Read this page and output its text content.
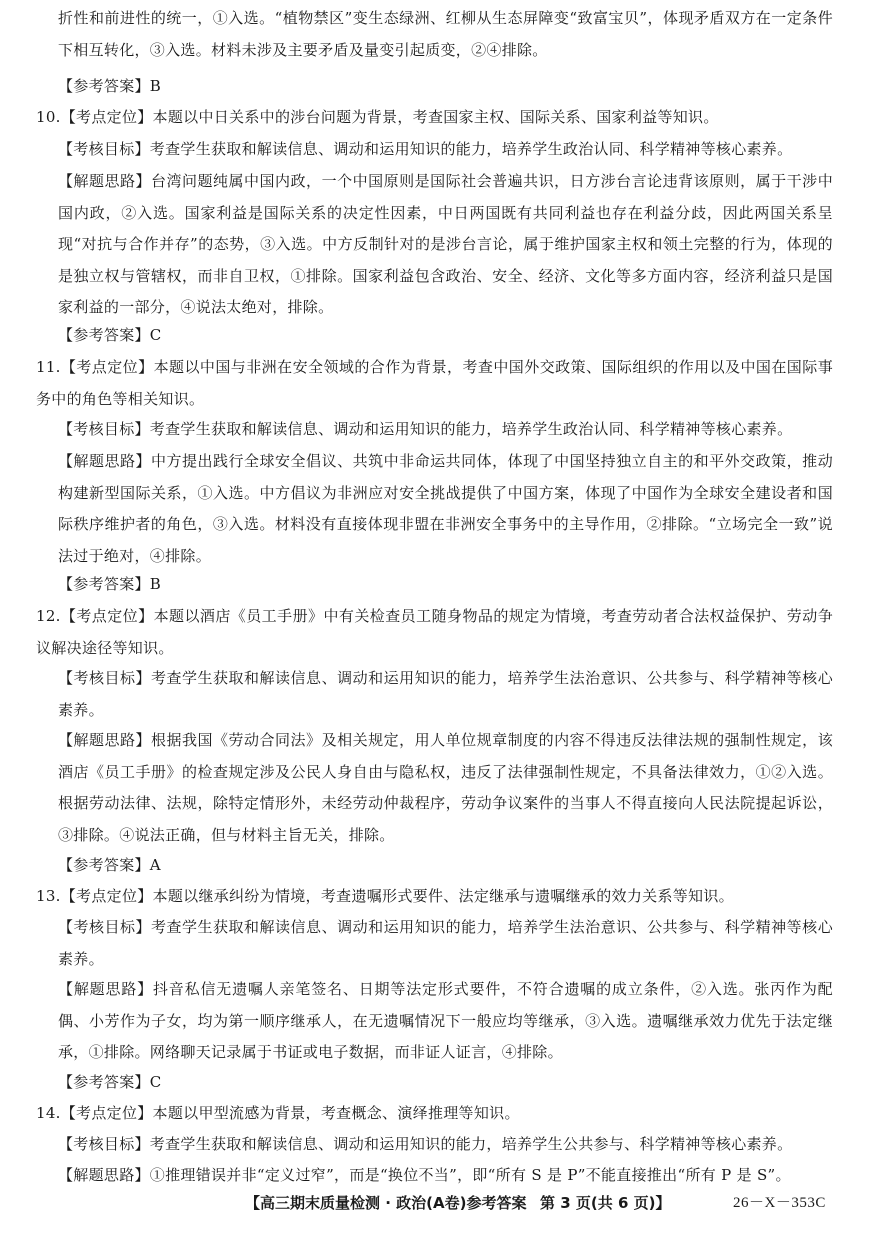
折性和前进性的统一，①入选。“植物禁区”变生态绿洲、红柳从生态屏障变“致富宝贝”，体现矛盾双方在一定条件下相互转化，③入选。材料未涉及主要矛盾及量变引起质变，②④排除。

【参考答案】B

10.【考点定位】本题以中日关系中的涉台问题为背景，考查国家主权、国际关系、国家利益等知识。

【考核目标】考查学生获取和解读信息、调动和运用知识的能力，培养学生政治认同、科学精神等核心素养。

【解题思路】台湾问题纯属中国内政，一个中国原则是国际社会普遍共识，日方涉台言论违背该原则，属于干涉中国内政，②入选。国家利益是国际关系的决定性因素，中日两国既有共同利益也存在利益分歧，因此两国关系呈现“对抗与合作并存”的态势，③入选。中方反制针对的是涉台言论，属于维护国家主权和领土完整的行为，体现的是独立权与管辖权，而非自卫权，①排除。国家利益包含政治、安全、经济、文化等多方面内容，经济利益只是国家利益的一部分，④说法太绝对，排除。

【参考答案】C

11.【考点定位】本题以中国与非洲在安全领域的合作为背景，考查中国外交政策、国际组织的作用以及中国在国际事务中的角色等相关知识。

【考核目标】考查学生获取和解读信息、调动和运用知识的能力，培养学生政治认同、科学精神等核心素养。

【解题思路】中方提出践行全球安全倡议、共筑中非命运共同体，体现了中国坚持独立自主的和平外交政策，推动构建新型国际关系，①入选。中方倡议为非洲应对安全挑战提供了中国方案，体现了中国作为全球安全建设者和国际秩序维护者的角色，③入选。材料没有直接体现非盟在非洲安全事务中的主导作用，②排除。“立场完全一致”说法过于绝对，④排除。

【参考答案】B

12.【考点定位】本题以酒店《员工手册》中有关检查员工随身物品的规定为情境，考查劳动者合法权益保护、劳动争议解决途径等知识。

【考核目标】考查学生获取和解读信息、调动和运用知识的能力，培养学生法治意识、公共参与、科学精神等核心素养。

【解题思路】根据我国《劳动合同法》及相关规定，用人单位规章制度的内容不得违反法律法规的强制性规定，该酒店《员工手册》的检查规定涉及公民人身自由与隐私权，违反了法律强制性规定，不具备法律效力，①②入选。根据劳动法律、法规，除特定情形外，未经劳动仲裁程序，劳动争议案件的当事人不得直接向人民法院提起诉讼，③排除。④说法正确，但与材料主旨无关，排除。

【参考答案】A

13.【考点定位】本题以继承纠纷为情境，考查遗嘱形式要件、法定继承与遗嘱继承的效力关系等知识。

【考核目标】考查学生获取和解读信息、调动和运用知识的能力，培养学生法治意识、公共参与、科学精神等核心素养。

【解题思路】抖音私信无遗嘱人亲笔签名、日期等法定形式要件，不符合遗嘱的成立条件，②入选。张丙作为配偶、小芳作为子女，均为第一顺序继承人，在无遗嘱情况下一般应均等继承，③入选。遗嘱继承效力优先于法定继承，①排除。网络聊天记录属于书证或电子数据，而非证人证言，④排除。

【参考答案】C

14.【考点定位】本题以甲型流感为背景，考查概念、演绎推理等知识。

【考核目标】考查学生获取和解读信息、调动和运用知识的能力，培养学生公共参与、科学精神等核心素养。

【解题思路】①推理错误并非“定义过窄”，而是“换位不当”，即“所有 S 是 P”不能直接推出“所有 P 是 S”。

【高三期末质量检测 · 政治(A卷)参考答案 第 3 页(共 6 页)】	26－X－353C
